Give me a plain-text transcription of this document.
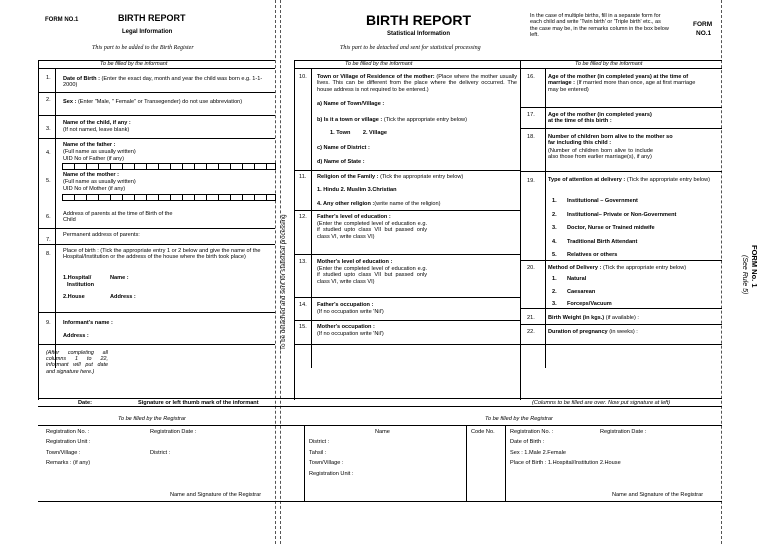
FORM NO.1	BIRTH REPORT
Legal Information
This part to be added to the Birth Register
BIRTH REPORT
Statistical Information
This part to be detached and sent for statistical processing
In the case of multiple births, fill in a separate form for each child and write 'Twin birth' or 'Triple birth' etc., as the case may be, in the remarks column in the box below left.
FORM
NO.1
To be detached and sent for statistical processing	FORM No. 1
(See Rule 5)
To be filled by the informant
1. Date of Birth : (Enter the exact day, month and year the child was born e.g. 1-1-2000)
2. Sex : (Enter "Male, " Female" or Transegender) do not use abbreviation)
3.
Name of the child, if any :
(If not named, leave blank)
4.
Name of the father :
(Full name as usually written)
UID No of Father (if any)
5.
Name of the mother :
(Full name as usually written)
UID No of Mother (if any)
6. Address of parents at the time of Birth of the Child
7.
Permanent address of parents:
8. Place of birth : (Tick the appropriate entry 1 or 2 below and give the name of the Hospital/Institution or the address of the house where the birth took place)
1.Hospital/
Institution
Name :
2.House	Address :
9. Informant's name :
Address :
(After completing all columns 1 to 22, informant will put date and signature here.)
Date:	Signature or left thumb mark of the informant
To be filled by the informant
10. Town or Village of Residence of the mother: (Place where the mother usually lives. This can be different from the place where the delivery occurred. The house address is not required to be entered.)
a) Name of Town/Village :
b) Is it a town or village : (Tick the appropriate entry below)
1. Town        2. Village
c) Name of District :
d) Name of State :
11. Religion of the Family : (Tick the appropriate entry below)
1. Hindu 2. Muslim 3.Christian
4. Any other religion :(write name of the religion)
12. Father's level of education :
(Enter the completed level of education e.g. if studied upto class VII but passed only class VI, write class VI)
13. Mother's level of education :
(Enter the completed level of education e.g. if studied upto class VII but passed only class VI, write class VI)
14. Father's occupation :
(If no occupation write 'Nil')
15. Mother's occupation :
(If no occupation write 'Nil')
To be filled by the informant
16. Age of the mother (in completed years) at the time of marriage : (If married more than once, age at first marriage may be entered)
17. Age of the mother (in completed years) at the time of this birth :
18. Number of children born alive to the mother so far including this child :
(Number of children born alive to include also those from earlier marriage(s), if any)
19. Type of attention at delivery : (Tick the appropriate entry below)
1. Institutional – Government
2. Institutional– Private or Non-Government
3. Doctor, Nurse or Trained midwife
4. Traditional Birth Attendant
5. Relatives or others
20. Method of Delivery : (Tick the appropriate entry below)
1. Natural
2. Caesarean
3. Forceps/Vacuum
21. Birth Weight (in kgs.) (if available) :
22. Duration of pregnancy (in weeks) :
(Columns to be filled are over. Now put signature at left)
To be filled by the Registrar	To be filled by the Registrar
Registration No. :	Registration Date :
Registration Unit :
Town/Village :	District :
Remarks : (if any)
Name and Signature of the Registrar
Name	Code No.
District :
Tahsil :
Town/Village :
Registration Unit :
Registration No. :	Registration Date :
Date of Birth :
Sex : 1.Male 2.Female
Place of Birth : 1.Hospital/Institution 2.House
Name and Signature of the Registrar
